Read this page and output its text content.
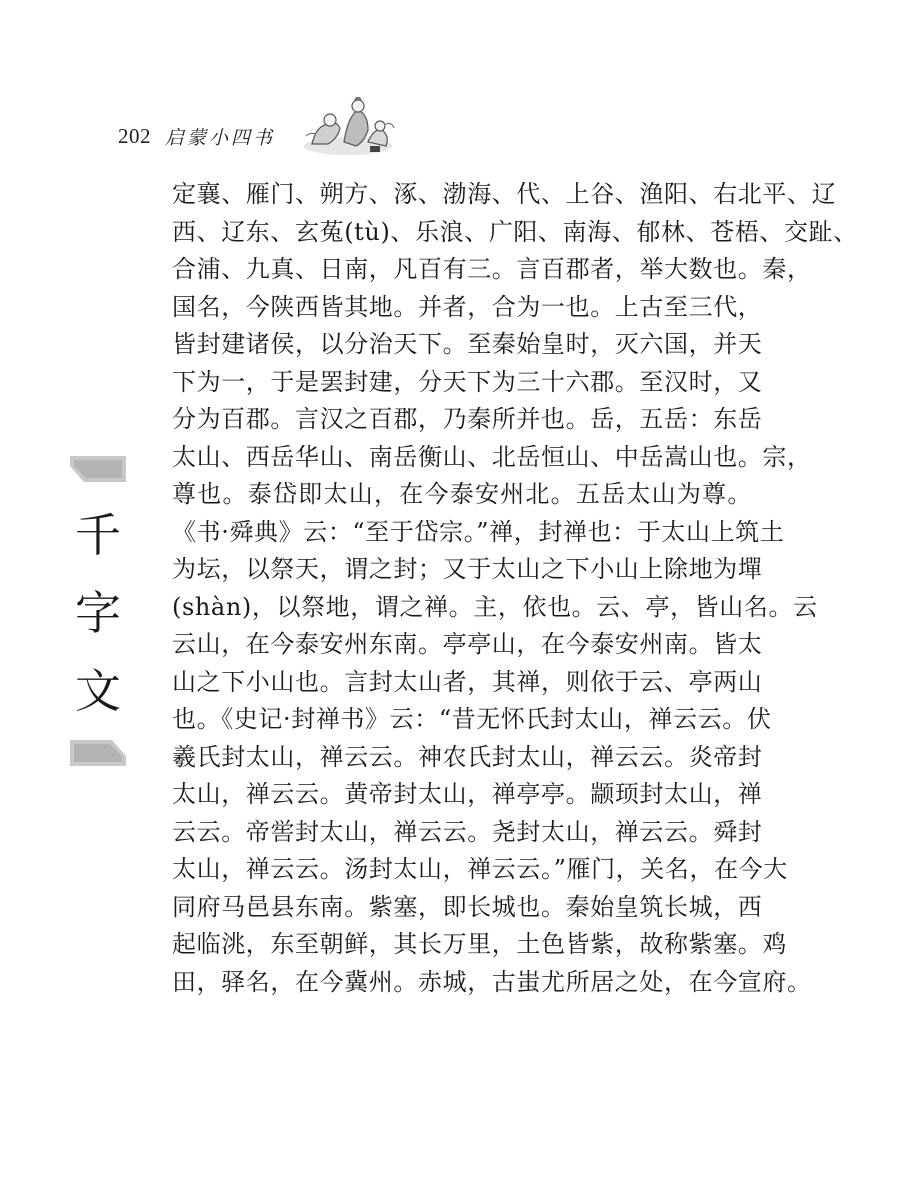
202 启蒙小四书
千
字
文
定襄、雁门、朔方、涿、渤海、代、上谷、渔阳、右北平、辽
西、辽东、玄菟(tù)、乐浪、广阳、南海、郁林、苍梧、交趾、
合浦、九真、日南，凡百有三。言百郡者，举大数也。秦，
国名，今陕西皆其地。并者，合为一也。上古至三代，
皆封建诸侯，以分治天下。至秦始皇时，灭六国，并天
下为一，于是罢封建，分天下为三十六郡。至汉时，又
分为百郡。言汉之百郡，乃秦所并也。岳，五岳：东岳
太山、西岳华山、南岳衡山、北岳恒山、中岳嵩山也。宗，
尊也。泰岱即太山，在今泰安州北。五岳太山为尊。
《书·舜典》云：“至于岱宗。”禅，封禅也：于太山上筑土
为坛，以祭天，谓之封；又于太山之下小山上除地为墠
(shàn)，以祭地，谓之禅。主，依也。云、亭，皆山名。云
云山，在今泰安州东南。亭亭山，在今泰安州南。皆太
山之下小山也。言封太山者，其禅，则依于云、亭两山
也。《史记·封禅书》云：“昔无怀氏封太山，禅云云。伏
羲氏封太山，禅云云。神农氏封太山，禅云云。炎帝封
太山，禅云云。黄帝封太山，禅亭亭。颛顼封太山，禅
云云。帝喾封太山，禅云云。尧封太山，禅云云。舜封
太山，禅云云。汤封太山，禅云云。”雁门，关名，在今大
同府马邑县东南。紫塞，即长城也。秦始皇筑长城，西
起临洮，东至朝鲜，其长万里，土色皆紫，故称紫塞。鸡
田，驿名，在今冀州。赤城，古蚩尤所居之处，在今宣府。
